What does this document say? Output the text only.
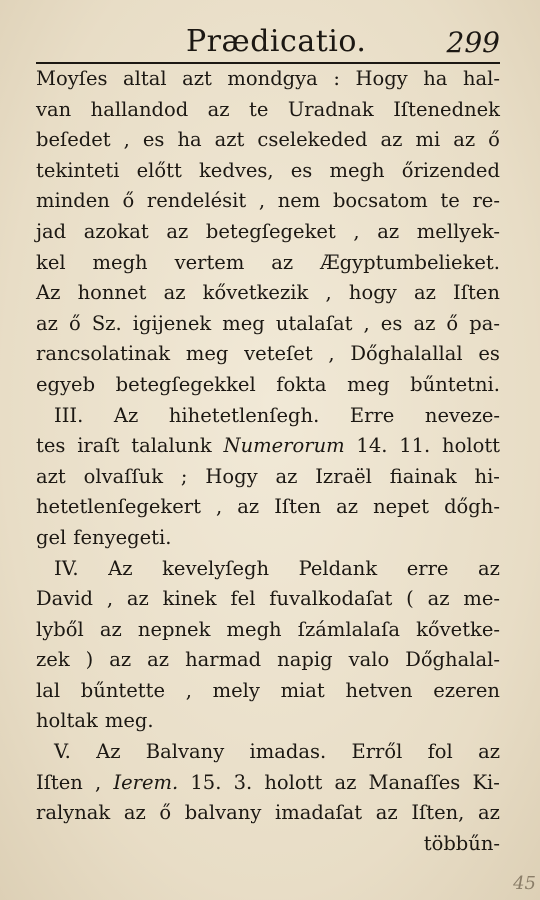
Prædicatio.	299
Moyſes altal azt mondgya : Hogy ha hal-
van hallandod az te Uradnak Iſtenednek
beſedet , es ha azt cselekeded az mi az ő
tekinteti előtt kedves, es megh őrizended
minden ő rendelésit , nem bocsatom te re-
jad azokat az betegſegeket , az mellyek-
kel megh vertem az Ægyptumbelieket.
Az honnet az kővetkezik , hogy az Iſten
az ő Sz. igijenek meg utalaſat , es az ő pa-
rancsolatinak meg veteſet , Dőghalallal es
egyeb betegſegekkel fokta meg bűntetni.
III. Az hihetetlenſegh. Erre neveze-
tes iraſt talalunk Numerorum 14. 11. holott
azt olvaſſuk ; Hogy az Izraël fiainak hi-
hetetlenſegekert , az Iſten az nepet dőgh-
gel fenyegeti.
IV. Az kevelyſegh Peldank erre az
David , az kinek fel fuvalkodaſat ( az me-
lyből az nepnek megh ſzámlalaſa kővetke-
zek ) az az harmad napig valo Dőghalal-
lal bűntette , mely miat hetven ezeren
holtak meg.
V. Az Balvany imadas. Erről fol az
Iſten , Ierem. 15. 3. holott az Manaſſes Ki-
ralynak az ő balvany imadaſat az Iſten, az
többűn-
45
